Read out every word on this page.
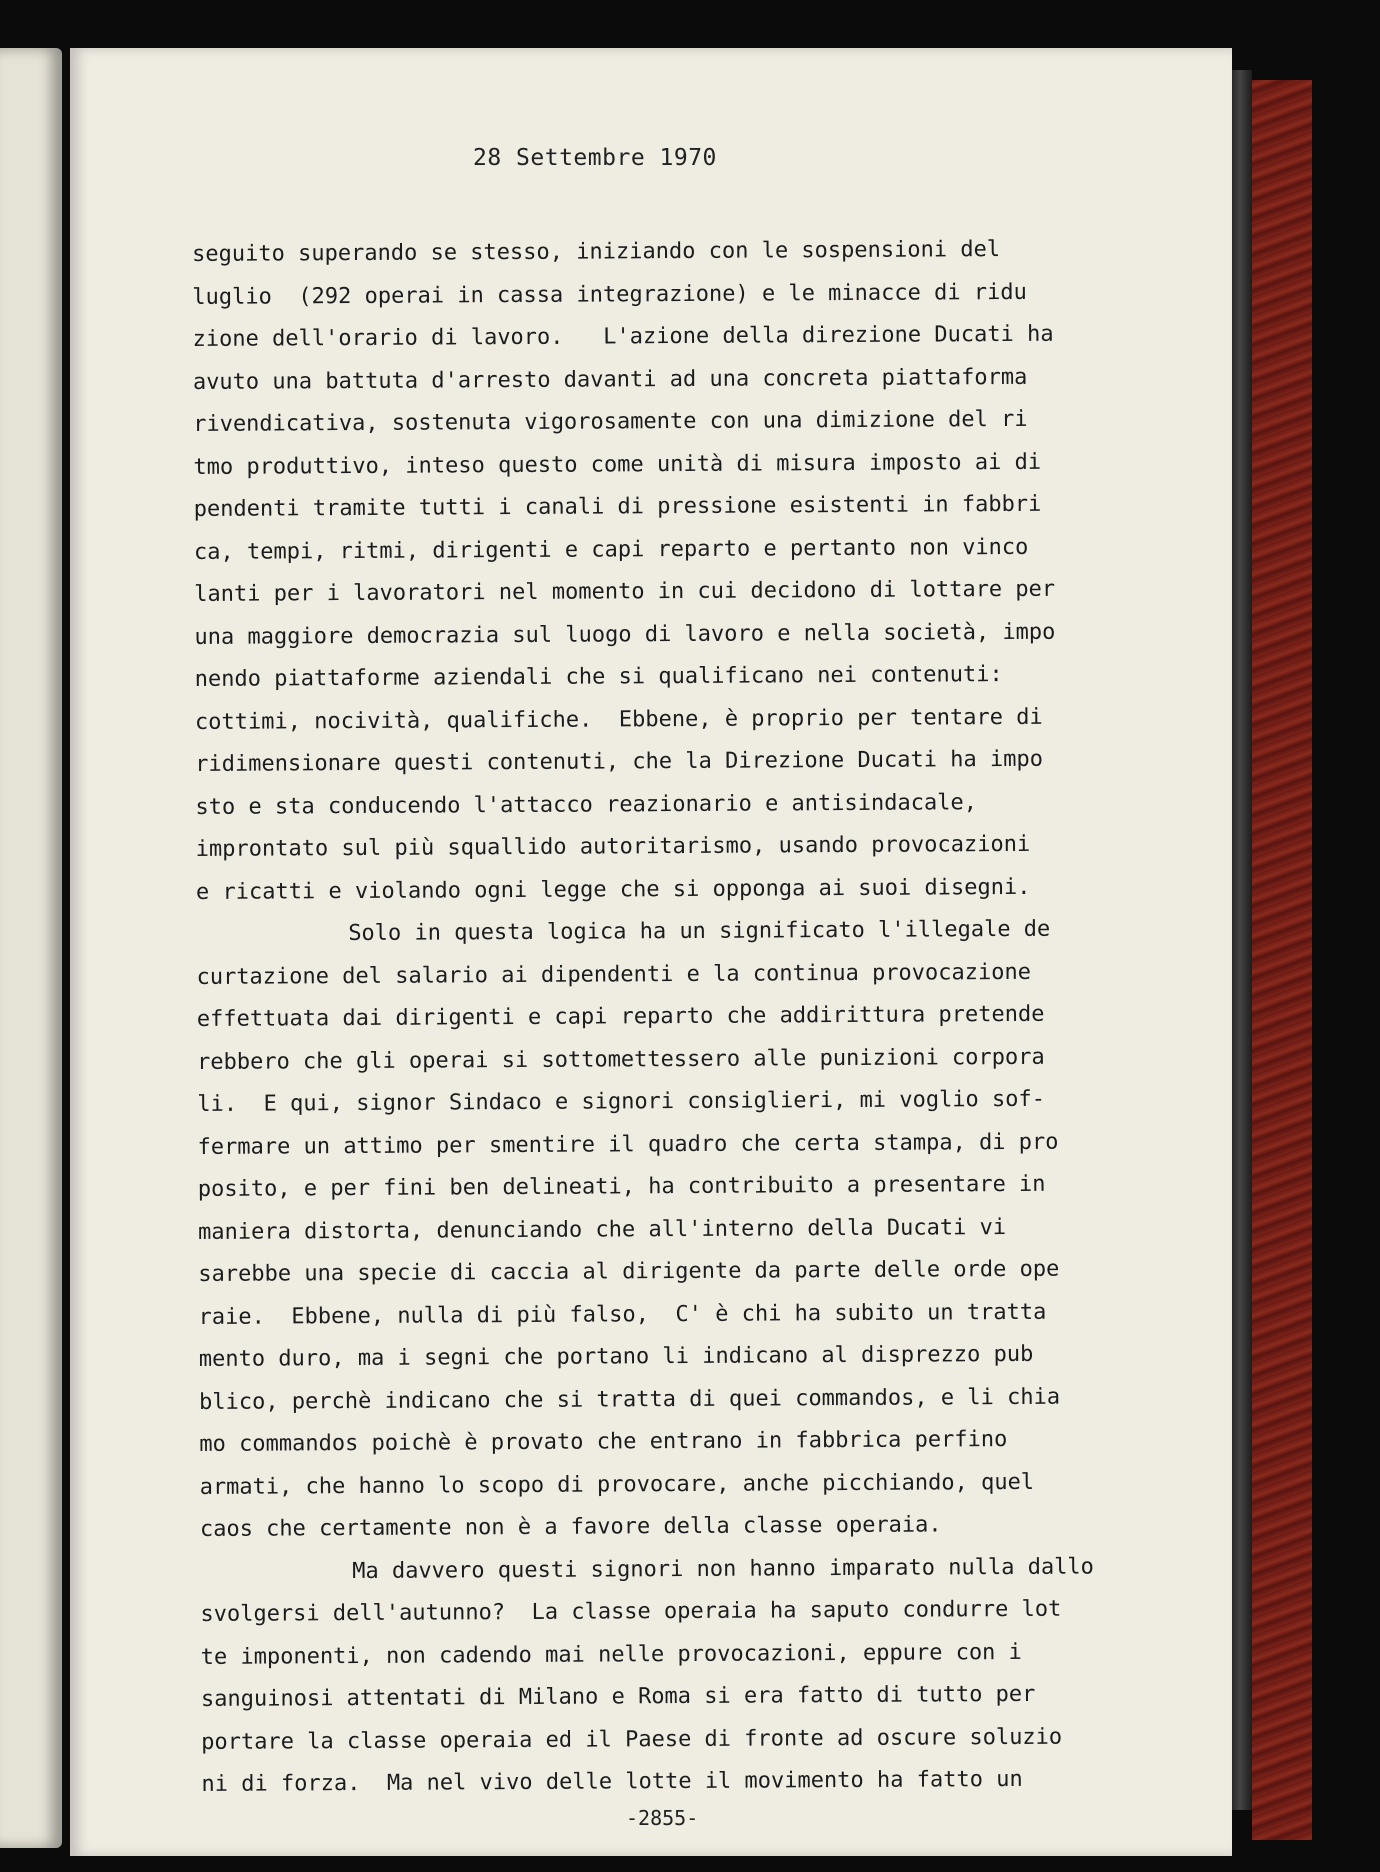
28 Settembre 1970
seguito superando se stesso, iniziando con le sospensioni del
luglio  (292 operai in cassa integrazione) e le minacce di ridu
zione dell'orario di lavoro.   L'azione della direzione Ducati ha
avuto una battuta d'arresto davanti ad una concreta piattaforma
rivendicativa, sostenuta vigorosamente con una dimizione del ri
tmo produttivo, inteso questo come unità di misura imposto ai di
pendenti tramite tutti i canali di pressione esistenti in fabbri
ca, tempi, ritmi, dirigenti e capi reparto e pertanto non vinco
lanti per i lavoratori nel momento in cui decidono di lottare per
una maggiore democrazia sul luogo di lavoro e nella società, impo
nendo piattaforme aziendali che si qualificano nei contenuti:
cottimi, nocività, qualifiche.  Ebbene, è proprio per tentare di
ridimensionare questi contenuti, che la Direzione Ducati ha impo
sto e sta conducendo l'attacco reazionario e antisindacale,
improntato sul più squallido autoritarismo, usando provocazioni
e ricatti e violando ogni legge che si opponga ai suoi disegni.
Solo in questa logica ha un significato l'illegale de
curtazione del salario ai dipendenti e la continua provocazione
effettuata dai dirigenti e capi reparto che addirittura pretende
rebbero che gli operai si sottomettessero alle punizioni corpora
li.  E qui, signor Sindaco e signori consiglieri, mi voglio sof-
fermare un attimo per smentire il quadro che certa stampa, di pro
posito, e per fini ben delineati, ha contribuito a presentare in
maniera distorta, denunciando che all'interno della Ducati vi
sarebbe una specie di caccia al dirigente da parte delle orde ope
raie.  Ebbene, nulla di più falso,  C' è chi ha subito un tratta
mento duro, ma i segni che portano li indicano al disprezzo pub
blico, perchè indicano che si tratta di quei commandos, e li chia
mo commandos poichè è provato che entrano in fabbrica perfino
armati, che hanno lo scopo di provocare, anche picchiando, quel
caos che certamente non è a favore della classe operaia.
Ma davvero questi signori non hanno imparato nulla dallo
svolgersi dell'autunno?  La classe operaia ha saputo condurre lot
te imponenti, non cadendo mai nelle provocazioni, eppure con i
sanguinosi attentati di Milano e Roma si era fatto di tutto per
portare la classe operaia ed il Paese di fronte ad oscure soluzio
ni di forza.  Ma nel vivo delle lotte il movimento ha fatto un
-2855-
